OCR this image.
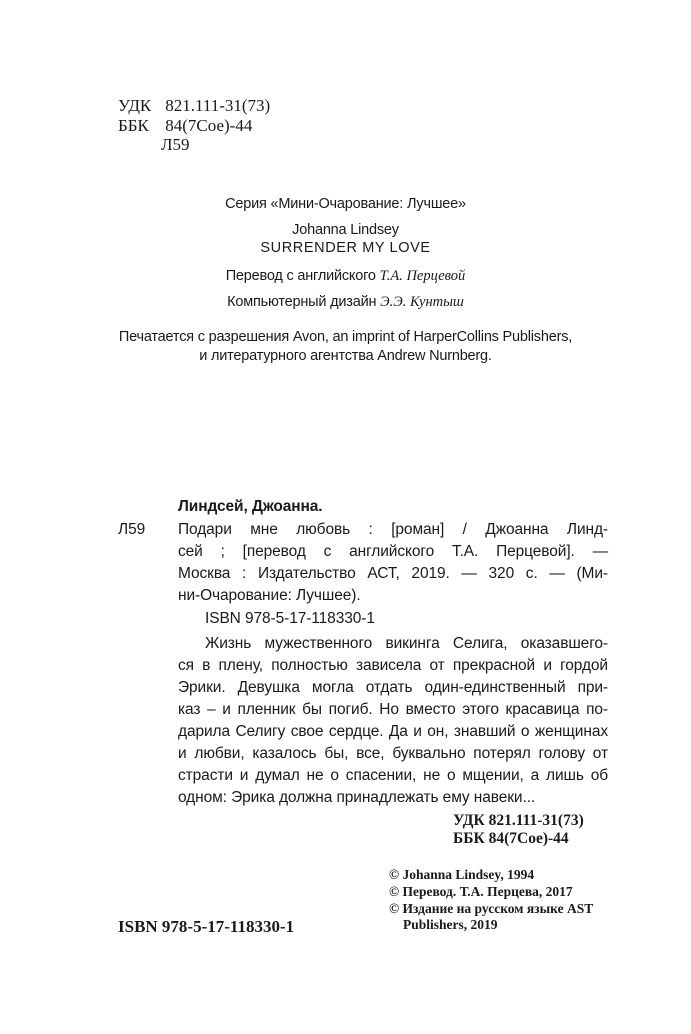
УДК 821.111-31(73)
ББК 84(7Сое)-44
Л59
Серия «Мини-Очарование: Лучшее»
Johanna Lindsey
SURRENDER MY LOVE
Перевод с английского Т.А. Перцевой
Компьютерный дизайн Э.Э. Кунтыш
Печатается с разрешения Avon, an imprint of HarperCollins Publishers,
и литературного агентства Andrew Nurnberg.
Линдсей, Джоанна.
Л59 Подари мне любовь : [роман] / Джоанна Линд-
сей ; [перевод с английского Т.А. Перцевой]. —
Москва : Издательство АСТ, 2019. — 320 с. — (Ми-
ни-Очарование: Лучшее).
ISBN 978-5-17-118330-1
Жизнь мужественного викинга Селига, оказавшего-
ся в плену, полностью зависела от прекрасной и гордой
Эрики. Девушка могла отдать один-единственный при-
каз – и пленник бы погиб. Но вместо этого красавица по-
дарила Селигу свое сердце. Да и он, знавший о женщинах
и любви, казалось бы, все, буквально потерял голову от
страсти и думал не о спасении, не о мщении, а лишь об
одном: Эрика должна принадлежать ему навеки...
УДК 821.111-31(73)
ББК 84(7Сое)-44
© Johanna Lindsey, 1994
© Перевод. Т.А. Перцева, 2017
© Издание на русском языке AST
Publishers, 2019
ISBN 978-5-17-118330-1
